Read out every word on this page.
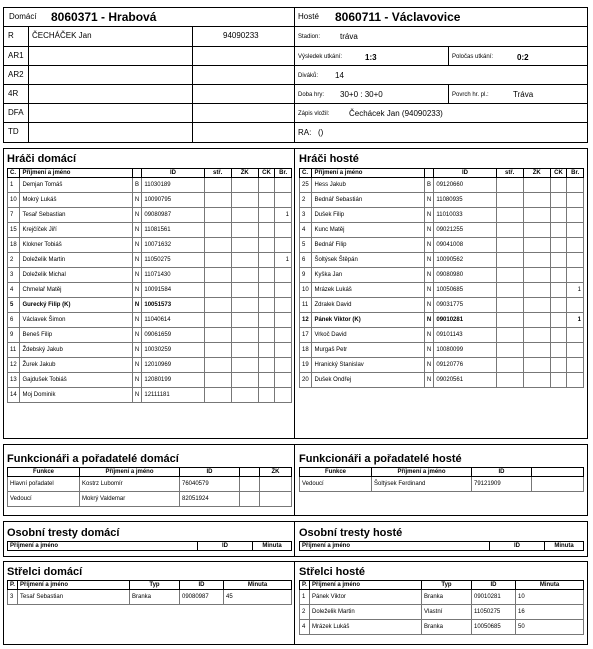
Domácí 8060371 - Hrabová	Hosté 8060711 - Václavovice
R ČECHÁČEK Jan	94090233
AR1
AR2
4R
DFA
TD
Stadion: tráva
Výsledek utkání:	1:3	Poločas utkání:	0:2
Diváků: 14
Doba hry: 30+0 : 30+0	Povrch hr. pl.:	Tráva
Zápis vložil: Čechácek Jan (94090233)
RA: ()
Hráči domácí	Hráči hosté
Č.	Příjmení a jméno		ID	stř.	ŽK	ČK	Br.
1	Demjan Tomáš	B	11030189				
10	Mokrý Lukáš	N	10090795				
7	Tesař Sebastian	N	09080987				1
15	Krejčíček Jiří	N	11081561				
18	Klokner Tobiáš	N	10071632				
2	Doleželik Martin	N	11050275				1
3	Doleželik Michal	N	11071430				
4	Chmelař Matěj	N	10091584				
5	Gurecký Filip (K)	N	10051573				
6	Václavek Šimon	N	11040614				
9	Beneš Filip	N	09061659				
11	Ždebský Jakub	N	10030259				
12	Žurek Jakub	N	12010969				
13	Gajdušek Tobiáš	N	12080199				
14	Moj Dominik	N	12111181				
Č.	Příjmení a jméno		ID	stř.	ŽK	ČK	Br.
25	Hess Jakub	B	09120660				
2	Bednář Sebastián	N	11080935				
3	Dušek Filip	N	11010033				
4	Kunc Matěj	N	09021255				
5	Bednář Filip	N	09041008				
6	Šoltýsek Štěpán	N	10090562				
9	Kyška Jan	N	09080980				
10	Mrázek Lukáš	N	10050685				1
11	Zdralek David	N	09031775				
12	Pánek Viktor (K)	N	09010281				1
17	Vrkoč David	N	09101143				
18	Murgaš Petr	N	10080099				
19	Hranický Stanislav	N	09120776				
20	Dušek Ondřej	N	09020561				
Funkcionáři a pořadatelé domácí	Funkcionáři a pořadatelé hosté
Funkce	Příjmení a jméno	ID		ŽK
Hlavní pořadatel	Kostrz Lubomír	76040579		
Vedoucí	Mokrý Valdemar	82051924		
Funkce	Příjmení a jméno	ID	
Vedoucí	Šoltýsek Ferdinand	79121909	
Osobní tresty domácí	Osobní tresty hosté
Příjmení a jméno	ID	Minuta	Příjmení a jméno	ID	Minuta
Střelci domácí	Střelci hosté
P.	Příjmení a jméno	Typ	ID	Minuta
3	Tesař Sebastian	Branka	09080987	45
P.	Příjmení a jméno	Typ	ID	Minuta
1	Pánek Viktor	Branka	09010281	10
2	Doleželik Martin	Vlastní	11050275	16
4	Mrázek Lukáš	Branka	10050685	50
